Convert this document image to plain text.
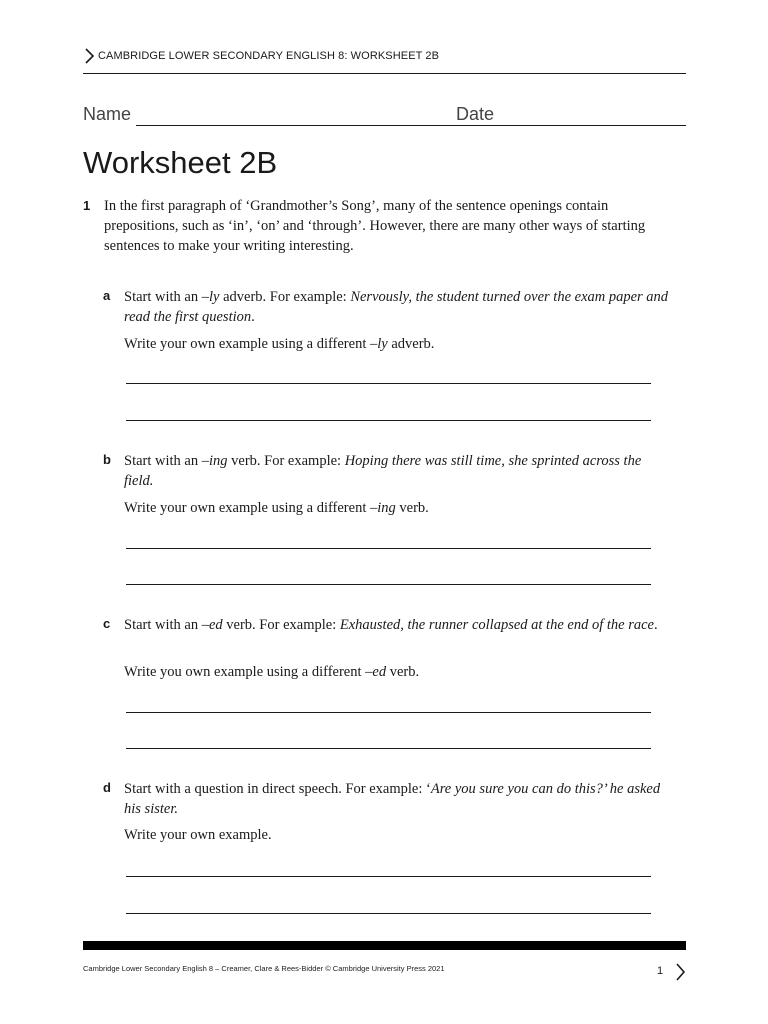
CAMBRIDGE LOWER SECONDARY ENGLISH 8: WORKSHEET 2B
Name	Date
Worksheet 2B
1 In the first paragraph of ‘Grandmother’s Song’, many of the sentence openings contain prepositions, such as ‘in’, ‘on’ and ‘through’. However, there are many other ways of starting sentences to make your writing interesting.
a Start with an –ly adverb. For example: Nervously, the student turned over the exam paper and read the first question.
Write your own example using a different –ly adverb.
b Start with an –ing verb. For example: Hoping there was still time, she sprinted across the field.
Write your own example using a different –ing verb.
c Start with an –ed verb. For example: Exhausted, the runner collapsed at the end of the race.
Write you own example using a different –ed verb.
d Start with a question in direct speech. For example: ‘Are you sure you can do this?’ he asked his sister.
Write your own example.
Cambridge Lower Secondary English 8 – Creamer, Clare & Rees-Bidder © Cambridge University Press 2021	1
